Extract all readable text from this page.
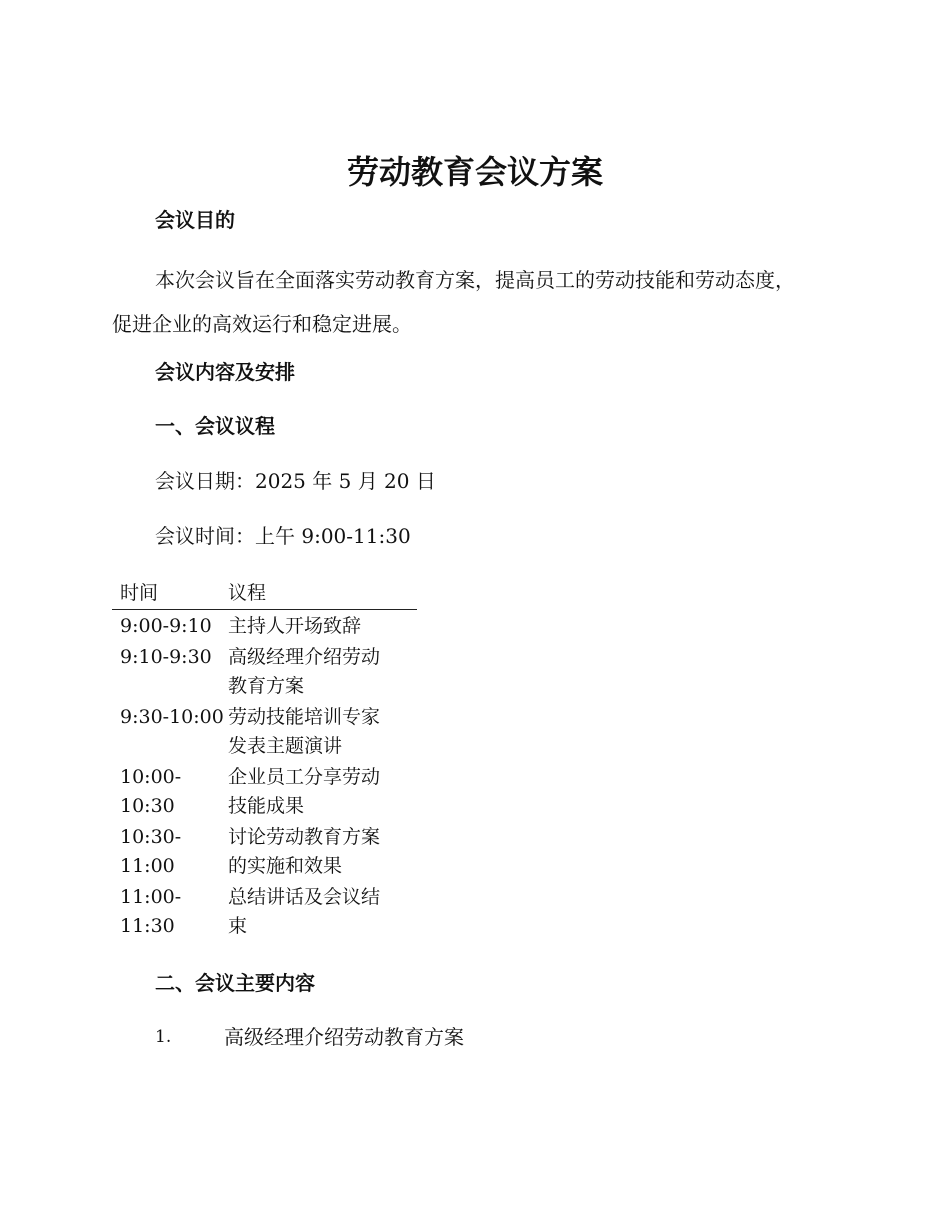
劳动教育会议方案
会议目的
本次会议旨在全面落实劳动教育方案，提高员工的劳动技能和劳动态度，促进企业的高效运行和稳定进展。
会议内容及安排
一、会议议程
会议日期：2025 年 5 月 20 日
会议时间：上午 9:00-11:30
时间	议程
9:00-9:10 主持人开场致辞
9:10-9:30 高级经理介绍劳动教育方案
9:30-10:00 劳动技能培训专家发表主题演讲
10:00-10:30
企业员工分享劳动技能成果
10:30-11:00
讨论劳动教育方案的实施和效果
11:00-11:30
总结讲话及会议结束
二、会议主要内容
1.	高级经理介绍劳动教育方案
